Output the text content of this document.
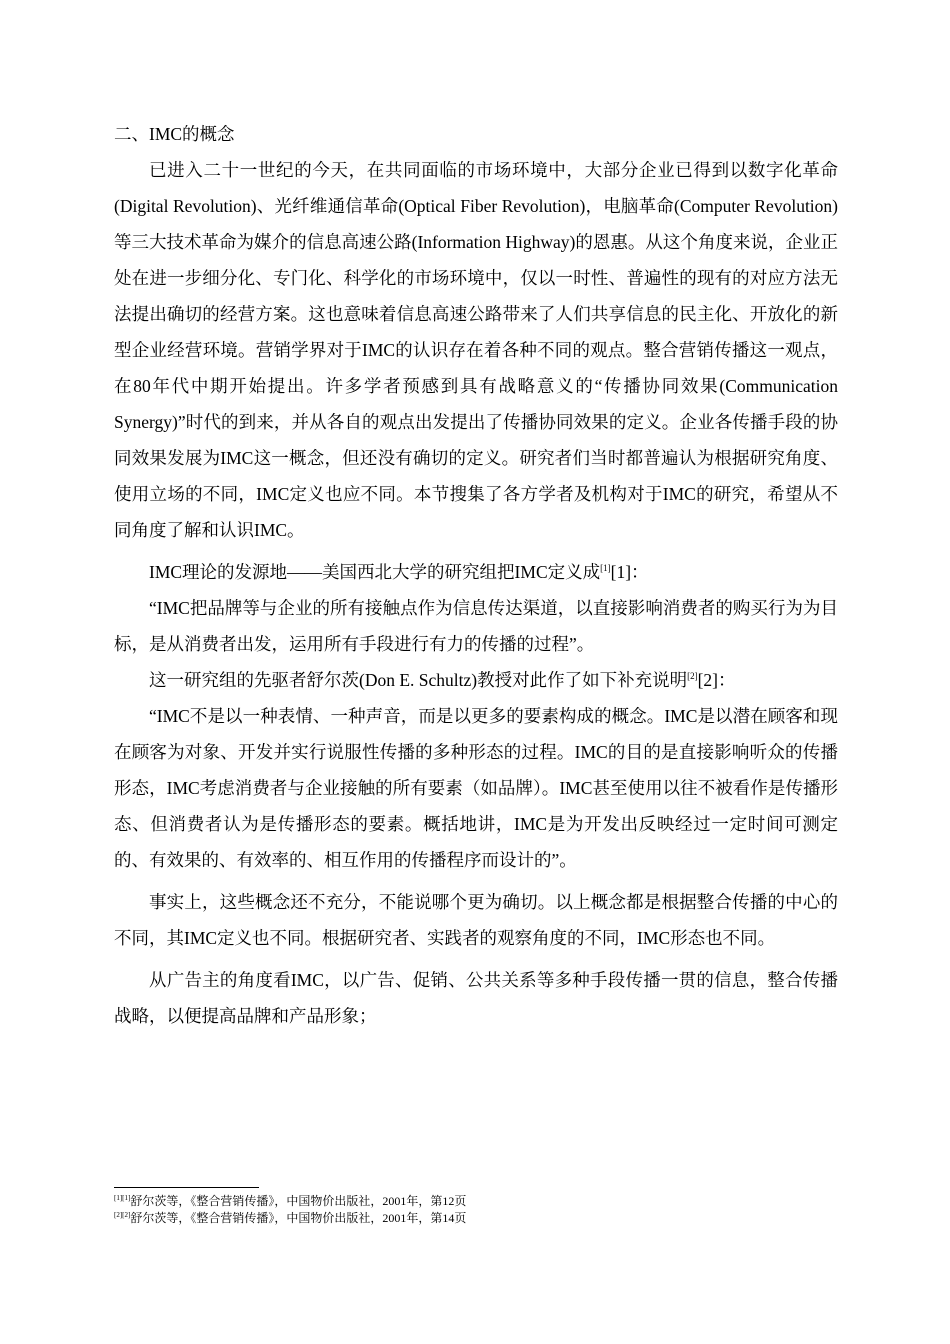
二、IMC的概念

已进入二十一世纪的今天，在共同面临的市场环境中，大部分企业已得到以数字化革命(Digital Revolution)、光纤维通信革命(Optical Fiber Revolution)，电脑革命(Computer Revolution)等三大技术革命为媒介的信息高速公路(Information Highway)的恩惠。从这个角度来说，企业正处在进一步细分化、专门化、科学化的市场环境中，仅以一时性、普遍性的现有的对应方法无法提出确切的经营方案。这也意味着信息高速公路带来了人们共享信息的民主化、开放化的新型企业经营环境。营销学界对于IMC的认识存在着各种不同的观点。整合营销传播这一观点，在80年代中期开始提出。许多学者预感到具有战略意义的“传播协同效果(Communication Synergy)”时代的到来，并从各自的观点出发提出了传播协同效果的定义。企业各传播手段的协同效果发展为IMC这一概念，但还没有确切的定义。研究者们当时都普遍认为根据研究角度、使用立场的不同，IMC定义也应不同。本节搜集了各方学者及机构对于IMC的研究，希望从不同角度了解和认识IMC。

IMC理论的发源地——美国西北大学的研究组把IMC定义成[1][1]：

“IMC把品牌等与企业的所有接触点作为信息传达渠道，以直接影响消费者的购买行为为目标，是从消费者出发，运用所有手段进行有力的传播的过程”。

这一研究组的先驱者舒尔茨(Don E. Schultz)教授对此作了如下补充说明[2][2]：

“IMC不是以一种表情、一种声音，而是以更多的要素构成的概念。IMC是以潜在顾客和现在顾客为对象、开发并实行说服性传播的多种形态的过程。IMC的目的是直接影响听众的传播形态，IMC考虑消费者与企业接触的所有要素（如品牌）。IMC甚至使用以往不被看作是传播形态、但消费者认为是传播形态的要素。概括地讲，IMC是为开发出反映经过一定时间可测定的、有效果的、有效率的、相互作用的传播程序而设计的”。

事实上，这些概念还不充分，不能说哪个更为确切。以上概念都是根据整合传播的中心的不同，其IMC定义也不同。根据研究者、实践者的观察角度的不同，IMC形态也不同。

从广告主的角度看IMC，以广告、促销、公共关系等多种手段传播一贯的信息，整合传播战略，以便提高品牌和产品形象；

[1][1]舒尔茨等，《整合营销传播》，中国物价出版社，2001年，第12页
[2][2]舒尔茨等，《整合营销传播》，中国物价出版社，2001年，第14页
